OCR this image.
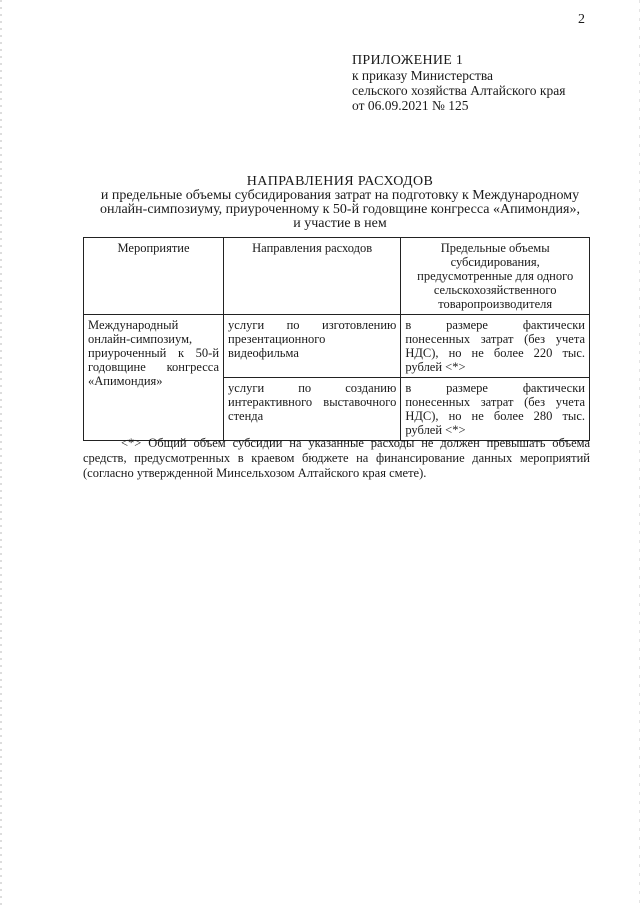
2
ПРИЛОЖЕНИЕ 1
к приказу Министерства
сельского хозяйства Алтайского края
от 06.09.2021 № 125
НАПРАВЛЕНИЯ РАСХОДОВ
и предельные объемы субсидирования затрат на подготовку к Международному
онлайн-симпозиуму, приуроченному к 50-й годовщине конгресса «Апимондия»,
и участие в нем
Мероприятие	Направления расходов	Предельные объемы субсидирования, предусмотренные для одного сельскохозяйственного товаропроизводителя
Международный онлайн-симпозиум, приуроченный к 50-й годовщине конгресса «Апимондия»	услуги по изготовлению презентационного видеофильма	в размере фактически понесенных затрат (без учета НДС), но не более 220 тыс. рублей <*>
	услуги по созданию интерактивного выставочного стенда	в размере фактически понесенных затрат (без учета НДС), но не более 280 тыс. рублей <*>
<*> Общий объем субсидии на указанные расходы не должен превышать объема средств, предусмотренных в краевом бюджете на финансирование данных мероприятий (согласно утвержденной Минсельхозом Алтайского края смете).
